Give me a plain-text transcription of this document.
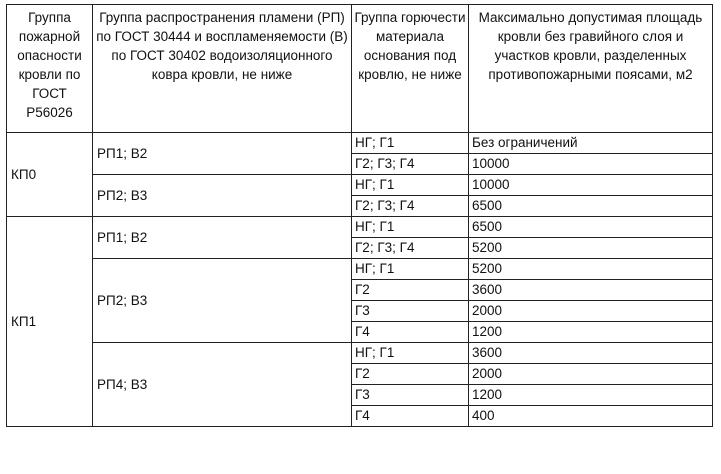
Группа пожарной опасности кровли по ГОСТ Р56026	Группа распространения пламени (РП) по ГОСТ 30444 и воспламеняемости (В) по ГОСТ 30402 водоизоляционного ковра кровли, не ниже	Группа горючести материала основания под кровлю, не ниже	Максимально допустимая площадь кровли без гравийного слоя и участков кровли, разделенных противопожарными поясами, м2
КП0	РП1; В2	НГ; Г1	Без ограничений
		Г2; Г3; Г4	10000
	РП2; В3	НГ; Г1	10000
		Г2; Г3; Г4	6500
КП1	РП1; В2	НГ; Г1	6500
		Г2; Г3; Г4	5200
	РП2; В3	НГ; Г1	5200
		Г2	3600
		Г3	2000
		Г4	1200
	РП4; В3	НГ; Г1	3600
		Г2	2000
		Г3	1200
		Г4	400
